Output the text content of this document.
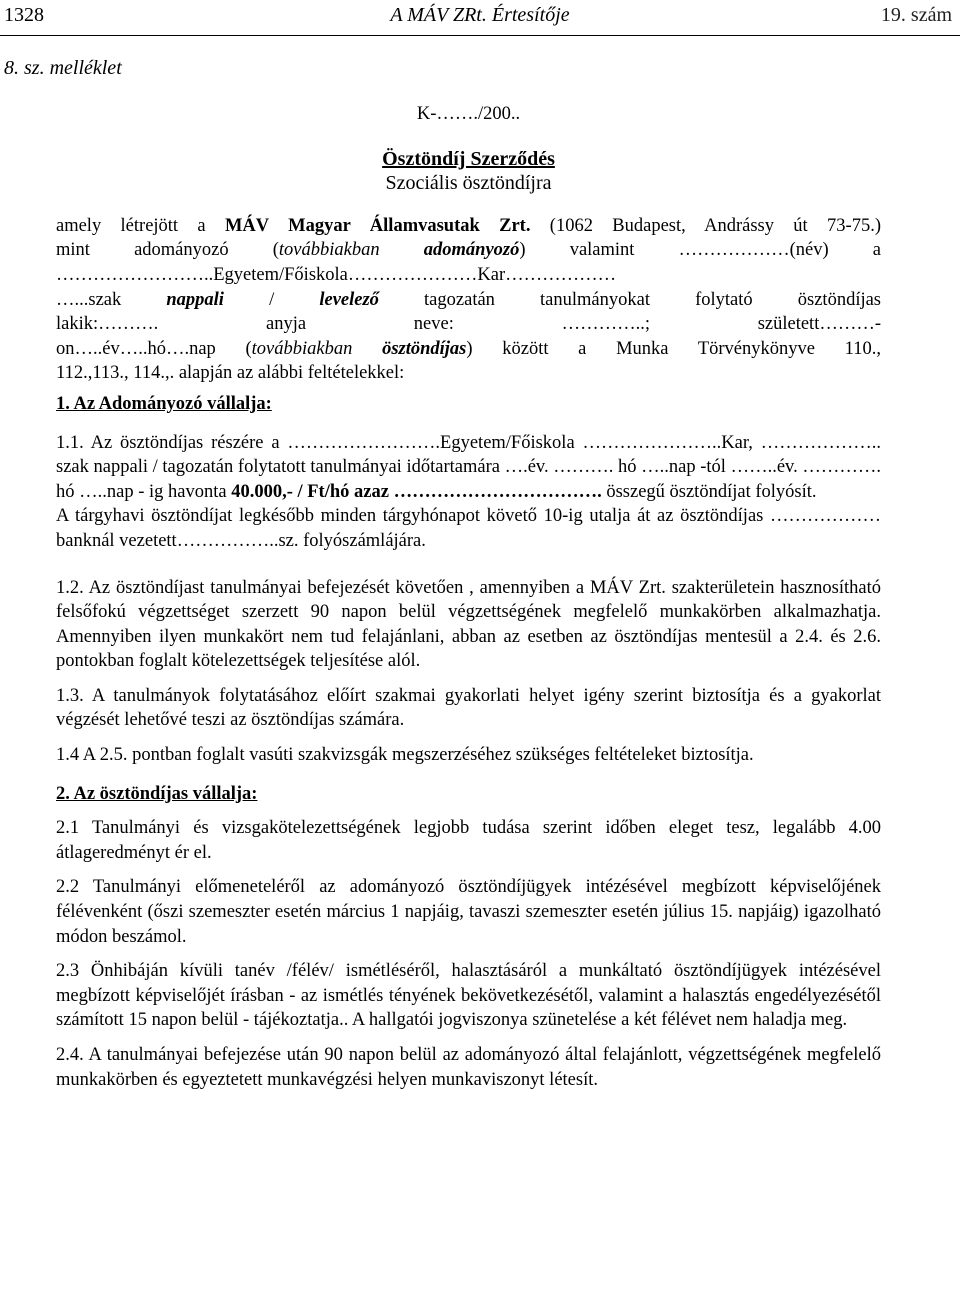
1328	A MÁV ZRt. Értesítője	19. szám
8. sz. melléklet

K-……./200..

Ösztöndíj Szerződés

Szociális ösztöndíjra

amely létrejött a MÁV Magyar Államvasutak Zrt. (1062 Budapest, Andrássy út 73-75.)

mint adományozó (továbbiakban adományozó) valamint ………………(név) a

……………………..Egyetem/Főiskola…………………Kar………………

…...szak nappali / levelező tagozatán tanulmányokat folytató ösztöndíjas

lakik:………. anyja neve: …………..; született………-

on…..év…..hó….nap (továbbiakban ösztöndíjas) között a Munka Törvénykönyve 110.,

112.,113., 114.,. alapján az alábbi feltételekkel:

1. Az Adományozó vállalja:

1.1. Az ösztöndíjas részére a …………………….Egyetem/Főiskola …………………..Kar, ……………….. szak nappali / tagozatán folytatott tanulmányai időtartamára ….év. ………. hó …..nap -tól ……..év. …………. hó …..nap - ig havonta 40.000,- / Ft/hó azaz ……………………………. összegű ösztöndíjat folyósít.

A tárgyhavi ösztöndíjat legkésőbb minden tárgyhónapot követő 10-ig utalja át az ösztöndíjas ………………banknál vezetett……………..sz. folyószámlájára.

1.2. Az ösztöndíjast tanulmányai befejezését követően , amennyiben a MÁV Zrt. szakterületein hasznosítható felsőfokú végzettséget szerzett 90 napon belül végzettségének megfelelő munkakörben alkalmazhatja. Amennyiben ilyen munkakört nem tud felajánlani, abban az esetben az ösztöndíjas mentesül a 2.4. és 2.6. pontokban foglalt kötelezettségek teljesítése alól.

1.3. A tanulmányok folytatásához előírt szakmai gyakorlati helyet igény szerint biztosítja és a gyakorlat végzését lehetővé teszi az ösztöndíjas számára.

1.4 A 2.5. pontban foglalt vasúti szakvizsgák megszerzéséhez szükséges feltételeket biztosítja.

2. Az ösztöndíjas vállalja:

2.1 Tanulmányi és vizsgakötelezettségének legjobb tudása szerint időben eleget tesz, legalább 4.00 átlageredményt ér el.

2.2 Tanulmányi előmeneteléről az adományozó ösztöndíjügyek intézésével megbízott képviselőjének félévenként (őszi szemeszter esetén március 1 napjáig, tavaszi szemeszter esetén július 15. napjáig) igazolható módon beszámol.

2.3 Önhibáján kívüli tanév /félév/ ismétléséről, halasztásáról a munkáltató ösztöndíjügyek intézésével megbízott képviselőjét írásban - az ismétlés tényének bekövetkezésétől, valamint a halasztás engedélyezésétől számított 15 napon belül - tájékoztatja.. A hallgatói jogviszonya szünetelése a két félévet nem haladja meg.

2.4. A tanulmányai befejezése után 90 napon belül az adományozó által felajánlott, végzettségének megfelelő munkakörben és egyeztetett munkavégzési helyen munkaviszonyt létesít.
